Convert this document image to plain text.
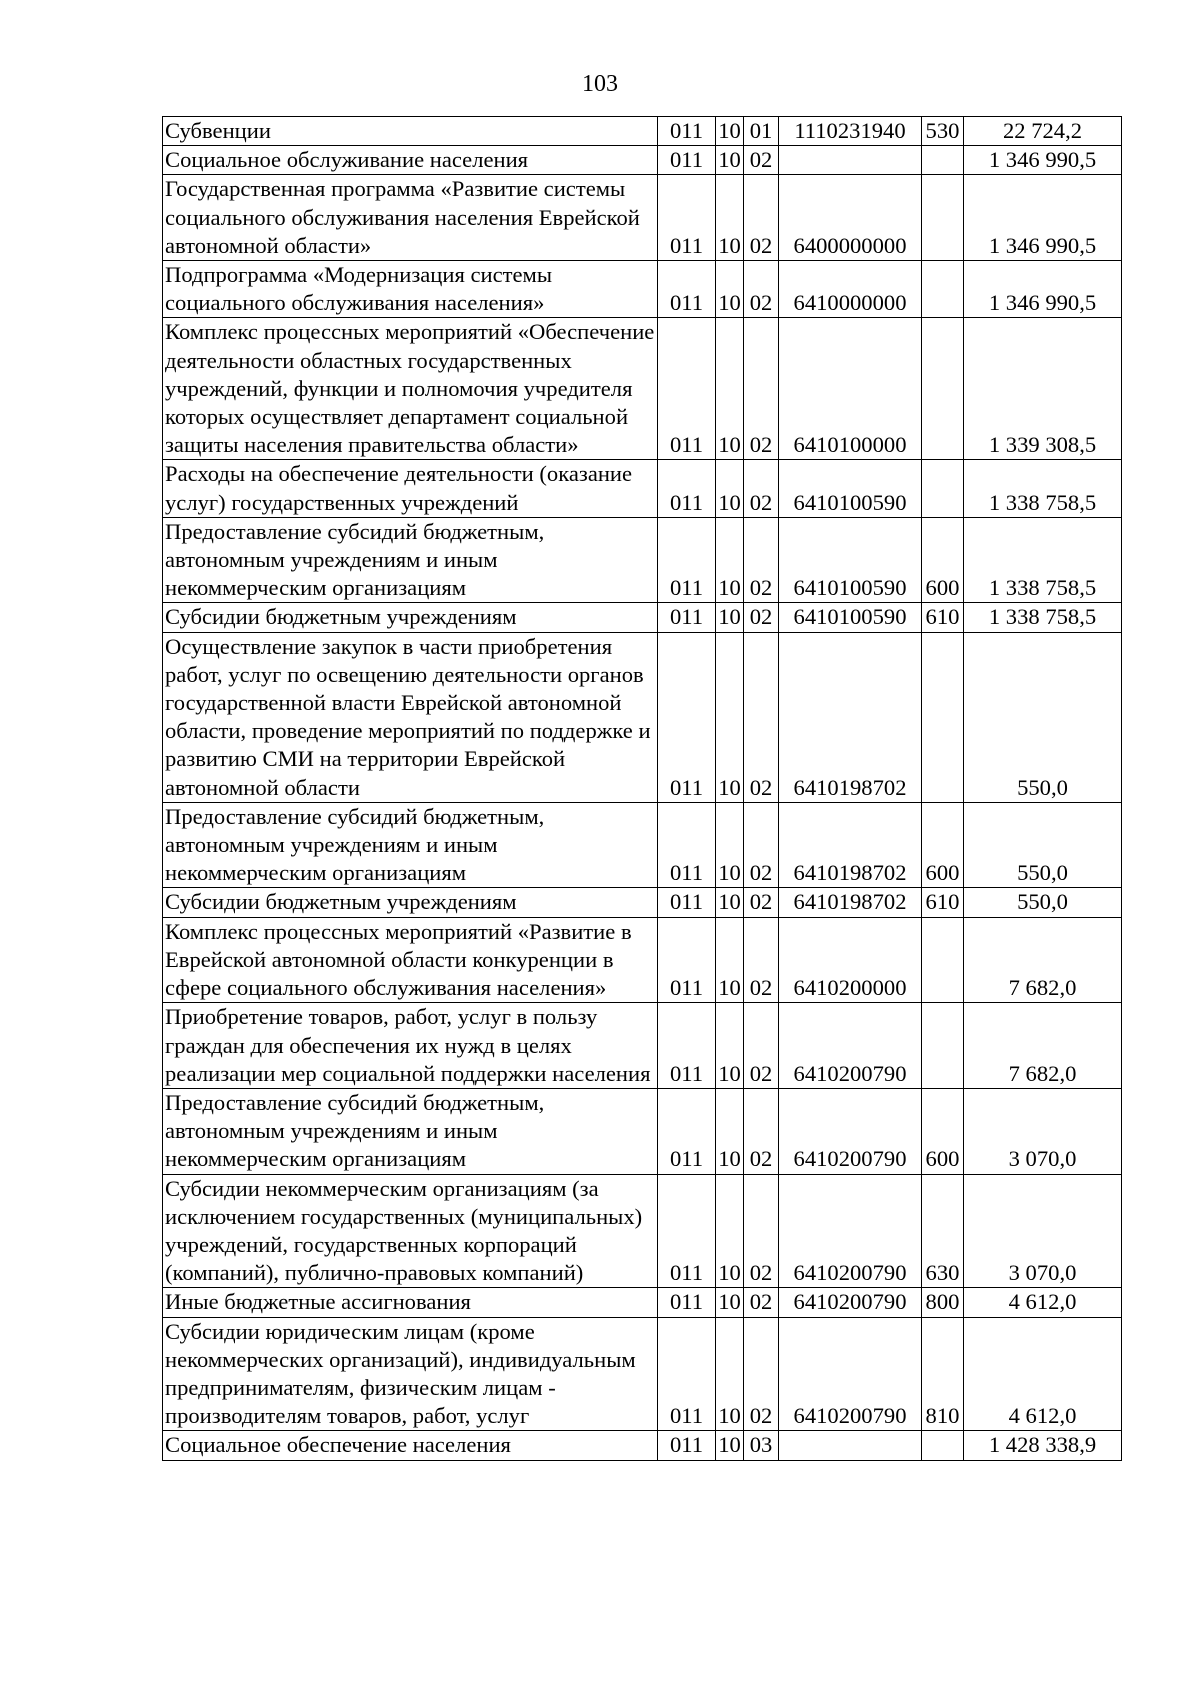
103
Субвенции	011	10	01	1110231940	530	22 724,2
Социальное обслуживание населения	011	10	02			1 346 990,5
Государственная программа «Развитие системы социального обслуживания населения Еврейской автономной области»	011	10	02	6400000000		1 346 990,5
Подпрограмма «Модернизация системы социального обслуживания населения»	011	10	02	6410000000		1 346 990,5
Комплекс процессных мероприятий «Обеспечение деятельности областных государственных учреждений, функции и полномочия учредителя которых осуществляет департамент социальной защиты населения правительства области»	011	10	02	6410100000		1 339 308,5
Расходы на обеспечение деятельности (оказание услуг) государственных учреждений	011	10	02	6410100590		1 338 758,5
Предоставление субсидий бюджетным, автономным учреждениям и иным некоммерческим организациям	011	10	02	6410100590	600	1 338 758,5
Субсидии бюджетным учреждениям	011	10	02	6410100590	610	1 338 758,5
Осуществление закупок в части приобретения работ, услуг по освещению деятельности органов государственной власти Еврейской автономной области, проведение мероприятий по поддержке и развитию СМИ на территории Еврейской автономной области	011	10	02	6410198702		550,0
Предоставление субсидий бюджетным, автономным учреждениям и иным некоммерческим организациям	011	10	02	6410198702	600	550,0
Субсидии бюджетным учреждениям	011	10	02	6410198702	610	550,0
Комплекс процессных мероприятий «Развитие в Еврейской автономной области конкуренции в сфере социального обслуживания населения»	011	10	02	6410200000		7 682,0
Приобретение товаров, работ, услуг в пользу граждан для обеспечения их нужд в целях реализации мер социальной поддержки населения	011	10	02	6410200790		7 682,0
Предоставление субсидий бюджетным, автономным учреждениям и иным некоммерческим организациям	011	10	02	6410200790	600	3 070,0
Субсидии некоммерческим организациям (за исключением государственных (муниципальных) учреждений, государственных корпораций (компаний), публично-правовых компаний)	011	10	02	6410200790	630	3 070,0
Иные бюджетные ассигнования	011	10	02	6410200790	800	4 612,0
Субсидии юридическим лицам (кроме некоммерческих организаций), индивидуальным предпринимателям, физическим лицам - производителям товаров, работ, услуг	011	10	02	6410200790	810	4 612,0
Социальное обеспечение населения	011	10	03			1 428 338,9
